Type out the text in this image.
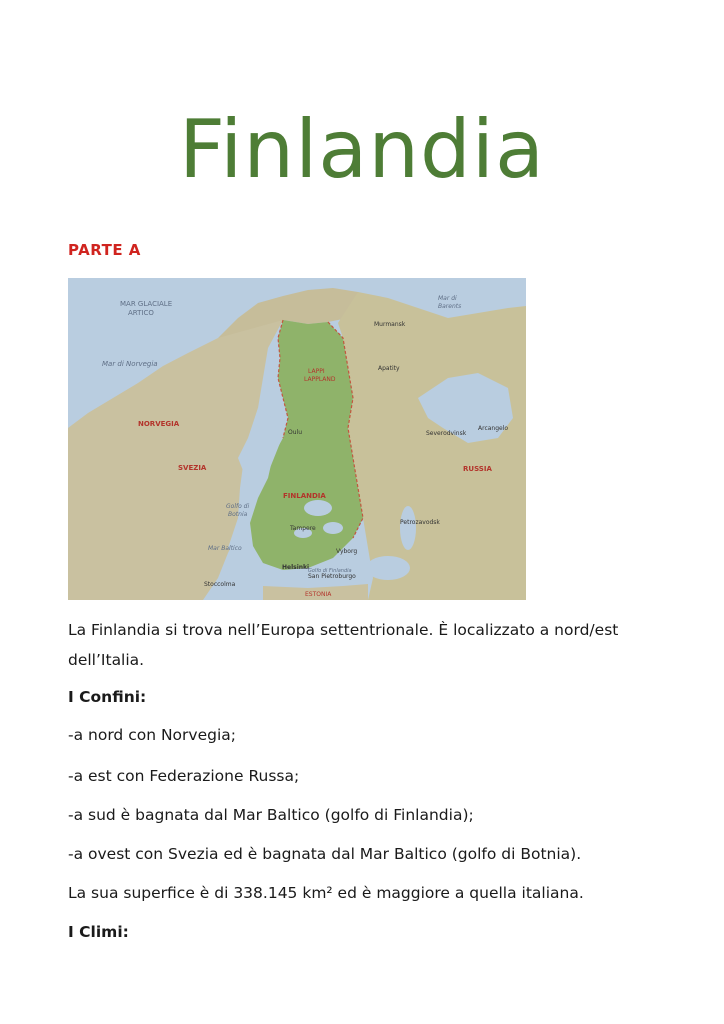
Finlandia
PARTE A
MAR GLACIALE
ARTICO
Mar di Norvegia
Mar di
Barents
NORVEGIA
SVEZIA
FINLANDIA
RUSSIA
LAPPI
LAPPLAND
Golfo di
Botnia
Mar Baltico
Stoccolma
Helsinki
San Pietroburgo
ESTONIA
Murmansk
Apatity
Arcangelo
Severodvinsk
Petrozavodsk
Oulu
Tampere
Vyborg
Golfo di Finlandia
La Finlandia si trova nell’Europa settentrionale. È localizzato a nord/est dell’Italia.
I Confini:
-a nord con Norvegia;
-a est con Federazione Russa;
-a sud è bagnata dal Mar Baltico (golfo di Finlandia);
-a ovest con Svezia ed è bagnata dal Mar Baltico (golfo di Botnia).
La sua superfice è di 338.145 km² ed è maggiore a quella italiana.
I Climi:
